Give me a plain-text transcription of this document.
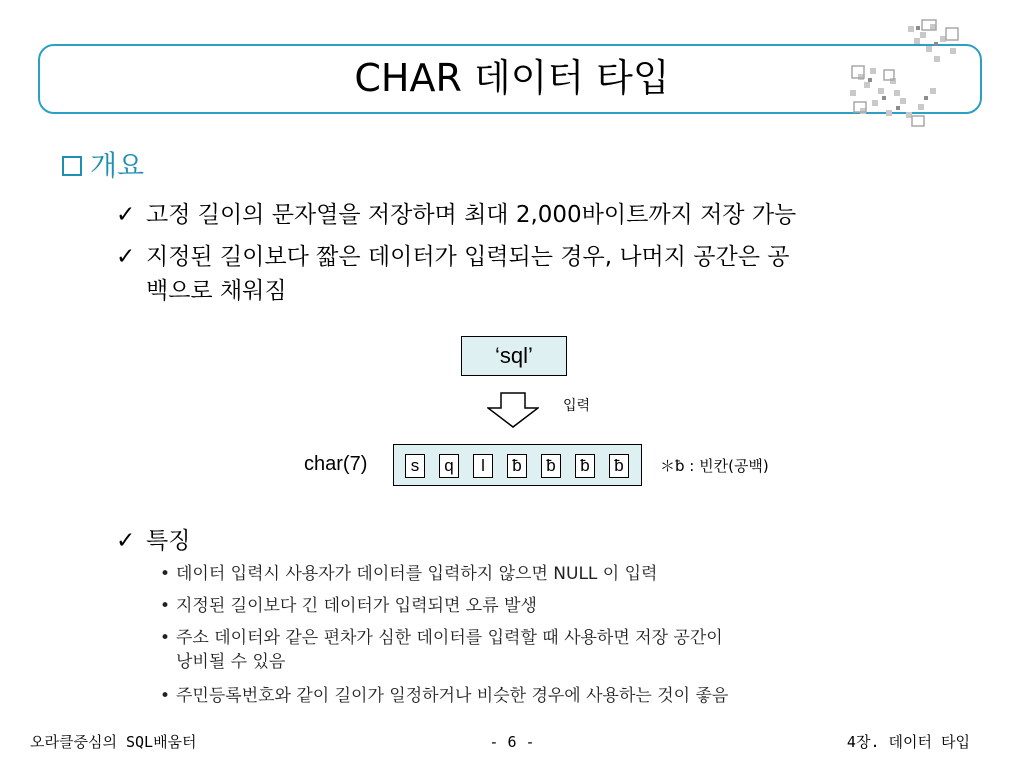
CHAR 데이터 타입
개요
✓ 고정 길이의 문자열을 저장하며 최대 2,000바이트까지 저장 가능
✓ 지정된 길이보다 짧은 데이터가 입력되는 경우, 나머지 공간은 공
백으로 채워짐
‘sql’
입력
char(7)	s	q	l	ƀ	ƀ	ƀ	ƀ	＊ƀ : 빈칸(공백)
✓ 특징
• 데이터 입력시 사용자가 데이터를 입력하지 않으면 NULL 이 입력
• 지정된 길이보다 긴 데이터가 입력되면 오류 발생
• 주소 데이터와 같은 편차가 심한 데이터를 입력할 때 사용하면 저장 공간이
낭비될 수 있음
• 주민등록번호와 같이 길이가 일정하거나 비슷한 경우에 사용하는 것이 좋음
오라클중심의 SQL배움터	- 6 -	4장. 데이터 타입
